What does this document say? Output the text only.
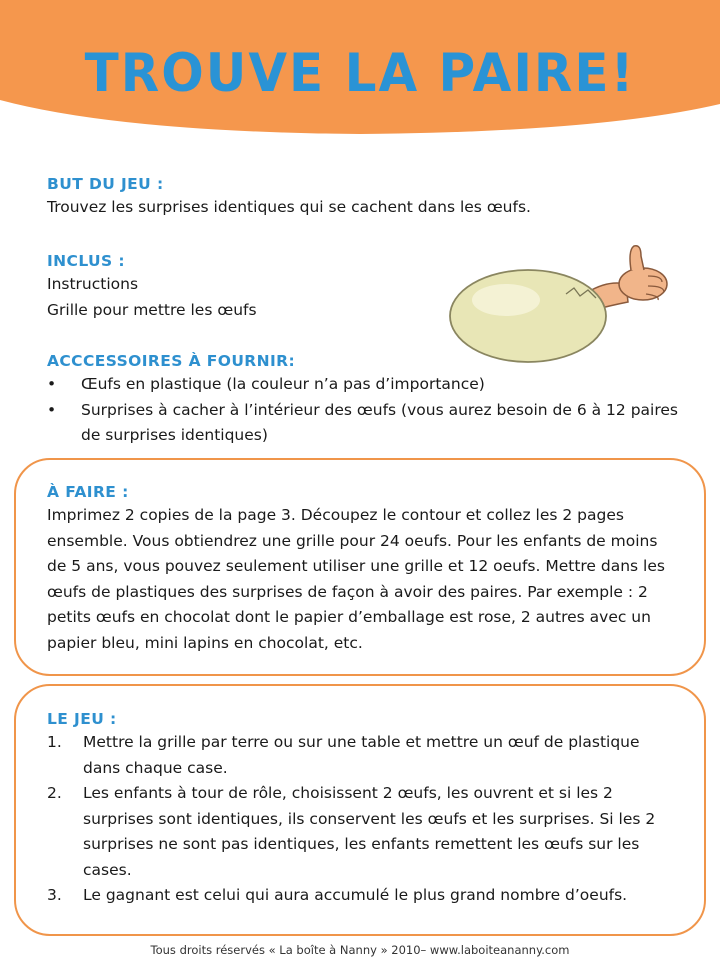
TROUVE LA PAIRE!
BUT DU JEU :
Trouvez les surprises identiques qui se cachent dans les œufs.
INCLUS :
Instructions
Grille pour mettre les œufs
ACCCESSOIRES À FOURNIR:
• Œufs en plastique (la couleur n’a pas d’importance)
• Surprises à cacher à l’intérieur des œufs (vous aurez besoin de 6 à 12 paires de surprises identiques)
À FAIRE :
Imprimez 2 copies de la page 3. Découpez le contour et collez les 2 pages ensemble. Vous obtiendrez une grille pour 24 oeufs. Pour les enfants de moins de 5 ans, vous pouvez seulement utiliser une grille et 12 oeufs. Mettre dans les œufs de plastiques des surprises de façon à avoir des paires. Par exemple : 2 petits œufs en chocolat dont le papier d’emballage est rose, 2 autres avec un papier bleu, mini lapins en chocolat, etc.
LE JEU :
1. Mettre la grille par terre ou sur une table et mettre un œuf de plastique dans chaque case.
2. Les enfants à tour de rôle, choisissent 2 œufs, les ouvrent et si les 2 surprises sont identiques, ils conservent les œufs et les surprises. Si les 2 surprises ne sont pas identiques, les enfants remettent les œufs sur les cases.
3. Le gagnant est celui qui aura accumulé le plus grand nombre d’oeufs.
Tous droits réservés « La boîte à Nanny » 2010– www.laboiteananny.com
